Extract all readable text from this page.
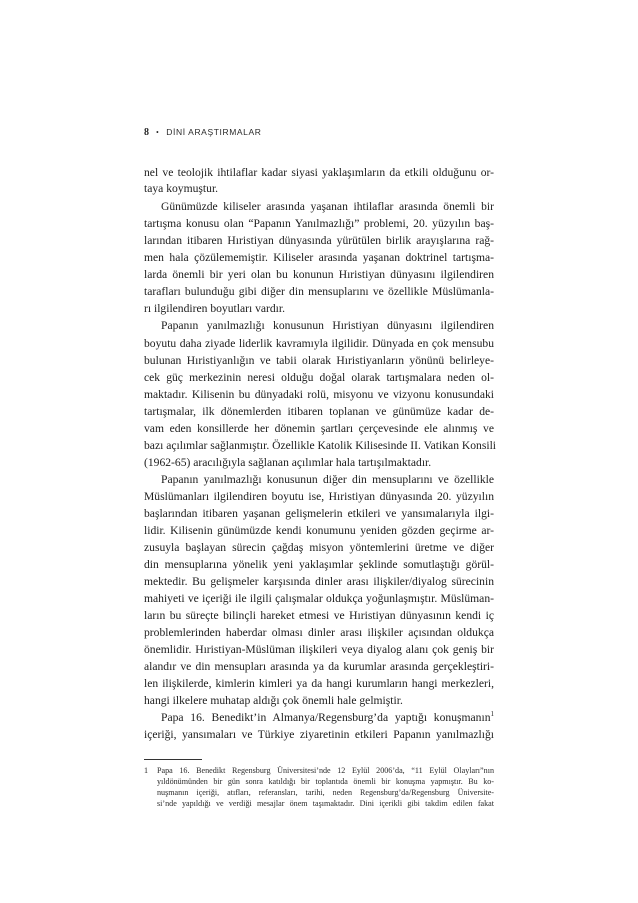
8 • DİNİ ARAŞTIRMALAR
nel ve teolojik ihtilaflar kadar siyasi yaklaşımların da etkili olduğunu or-
taya koymuştur.
Günümüzde kiliseler arasında yaşanan ihtilaflar arasında önemli bir
tartışma konusu olan “Papanın Yanılmazlığı” problemi, 20. yüzyılın baş-
larından itibaren Hıristiyan dünyasında yürütülen birlik arayışlarına rağ-
men hala çözülememiştir. Kiliseler arasında yaşanan doktrinel tartışma-
larda önemli bir yeri olan bu konunun Hıristiyan dünyasını ilgilendiren
tarafları bulunduğu gibi diğer din mensuplarını ve özellikle Müslümanla-
rı ilgilendiren boyutları vardır.
Papanın yanılmazlığı konusunun Hıristiyan dünyasını ilgilendiren
boyutu daha ziyade liderlik kavramıyla ilgilidir. Dünyada en çok mensubu
bulunan Hıristiyanlığın ve tabii olarak Hıristiyanların yönünü belirleye-
cek güç merkezinin neresi olduğu doğal olarak tartışmalara neden ol-
maktadır. Kilisenin bu dünyadaki rolü, misyonu ve vizyonu konusundaki
tartışmalar, ilk dönemlerden itibaren toplanan ve günümüze kadar de-
vam eden konsillerde her dönemin şartları çerçevesinde ele alınmış ve
bazı açılımlar sağlanmıştır. Özellikle Katolik Kilisesinde II. Vatikan Konsili
(1962-65) aracılığıyla sağlanan açılımlar hala tartışılmaktadır.
Papanın yanılmazlığı konusunun diğer din mensuplarını ve özellikle
Müslümanları ilgilendiren boyutu ise, Hıristiyan dünyasında 20. yüzyılın
başlarından itibaren yaşanan gelişmelerin etkileri ve yansımalarıyla ilgi-
lidir. Kilisenin günümüzde kendi konumunu yeniden gözden geçirme ar-
zusuyla başlayan sürecin çağdaş misyon yöntemlerini üretme ve diğer
din mensuplarına yönelik yeni yaklaşımlar şeklinde somutlaştığı görül-
mektedir. Bu gelişmeler karşısında dinler arası ilişkiler/diyalog sürecinin
mahiyeti ve içeriği ile ilgili çalışmalar oldukça yoğunlaşmıştır. Müslüman-
ların bu süreçte bilinçli hareket etmesi ve Hıristiyan dünyasının kendi iç
problemlerinden haberdar olması dinler arası ilişkiler açısından oldukça
önemlidir. Hıristiyan-Müslüman ilişkileri veya diyalog alanı çok geniş bir
alandır ve din mensupları arasında ya da kurumlar arasında gerçekleştiri-
len ilişkilerde, kimlerin kimleri ya da hangi kurumların hangi merkezleri,
hangi ilkelere muhatap aldığı çok önemli hale gelmiştir.
Papa 16. Benedikt’in Almanya/Regensburg’da yaptığı konuşmanın$^1$
içeriği, yansımaları ve Türkiye ziyaretinin etkileri Papanın yanılmazlığı
1 Papa 16. Benedikt Regensburg Üniversitesi’nde 12 Eylül 2006’da, “11 Eylül Olayları”nın
yıldönümünden bir gün sonra katıldığı bir toplantıda önemli bir konuşma yapmıştır. Bu ko-
nuşmanın içeriği, atıfları, referansları, tarihi, neden Regensburg’da/Regensburg Üniversite-
si’nde yapıldığı ve verdiği mesajlar önem taşımaktadır. Dini içerikli gibi takdim edilen fakat
